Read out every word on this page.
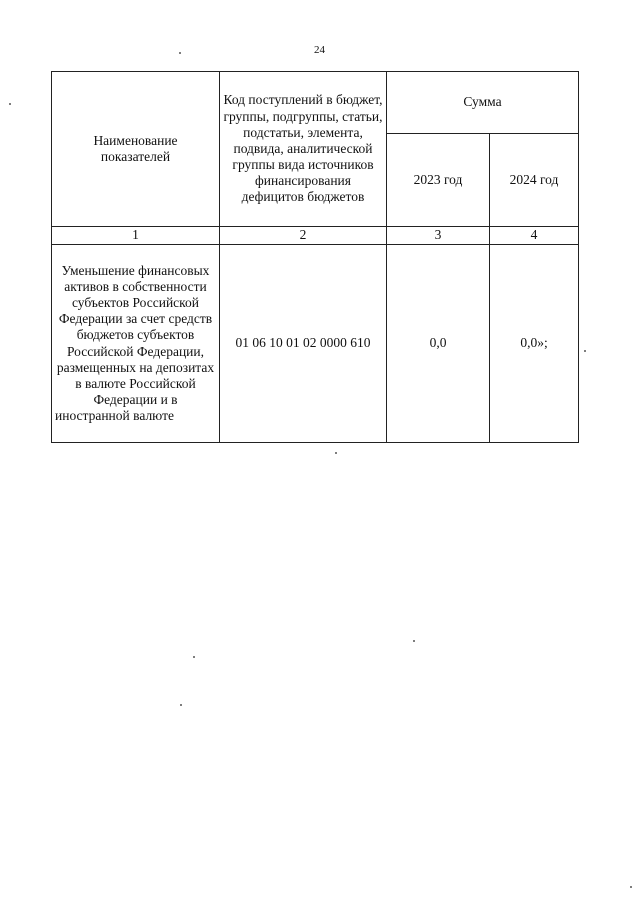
24
Наименование показателей	Код поступлений в бюджет, группы, подгруппы, статьи, подстатьи, элемента, подвида, аналитической группы вида источников финансирования дефицитов бюджетов	Сумма	
		2023 год	2024 год
1	2	3	4
Уменьшение финансовых активов в собственности субъектов Российской Федерации за счет средств бюджетов субъектов Российской Федерации, размещенных на депозитах в валюте Российской Федерации и в иностранной валюте	01 06 10 01 02 0000 610	0,0	0,0»;
